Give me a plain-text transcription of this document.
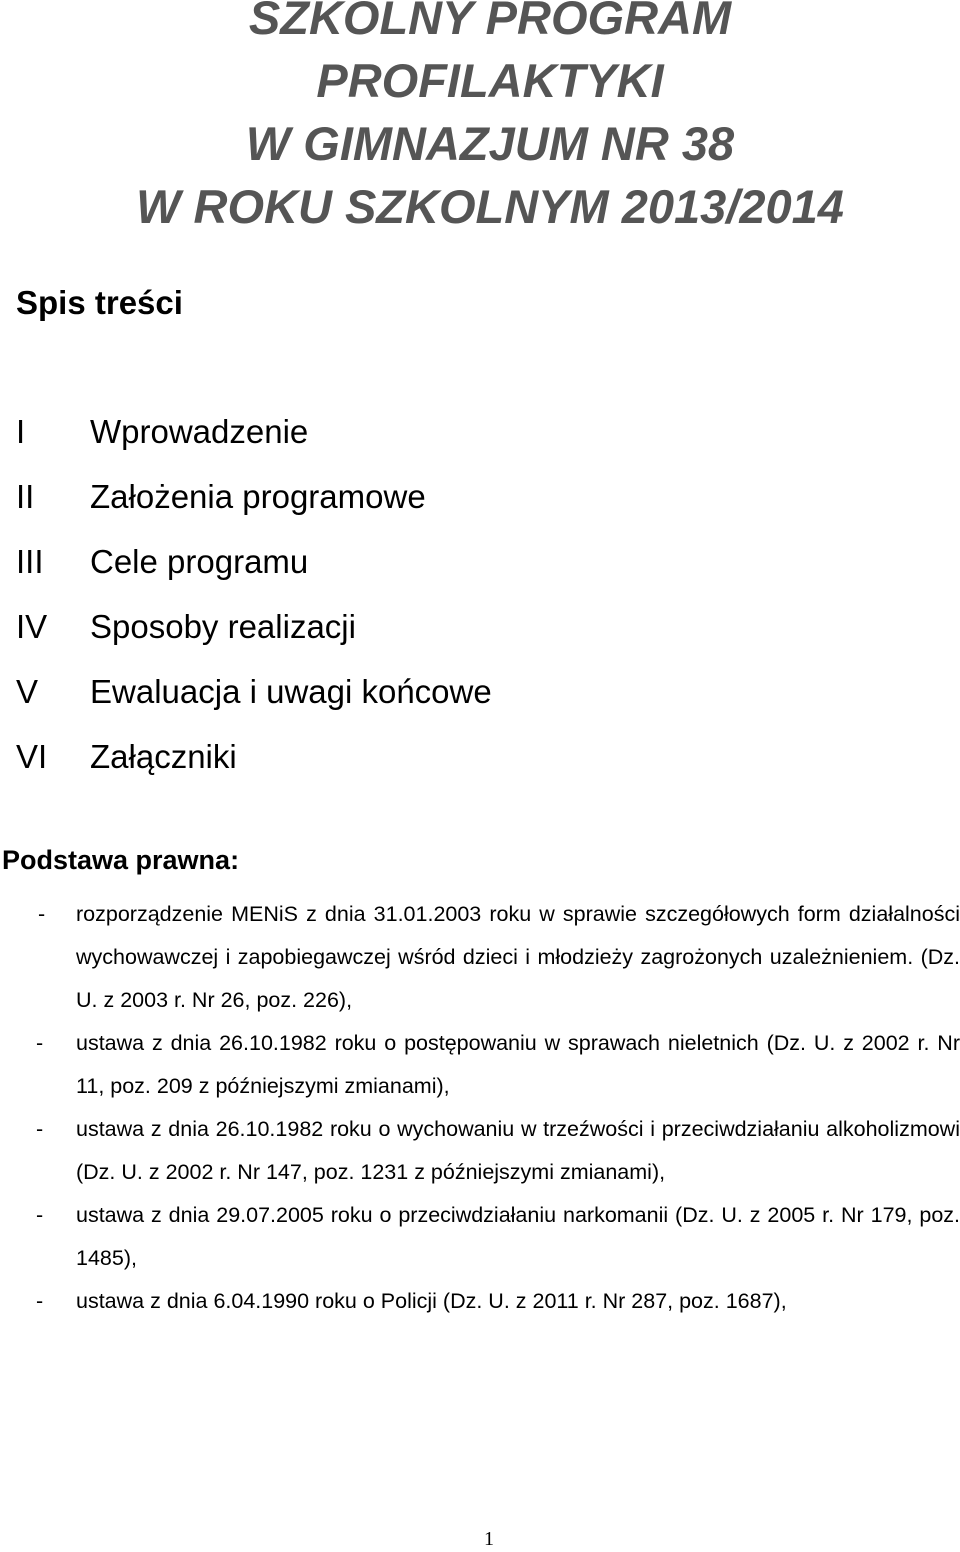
SZKOLNY PROGRAM
PROFILAKTYKI
W GIMNAZJUM NR 38
W ROKU SZKOLNYM 2013/2014
Spis treści
I Wprowadzenie
II Założenia programowe
III Cele programu
IV Sposoby realizacji
V Ewaluacja i uwagi końcowe
VI Załączniki
Podstawa prawna:
- rozporządzenie MENiS z dnia 31.01.2003 roku w sprawie szczegółowych form działalności wychowawczej i zapobiegawczej wśród dzieci i młodzieży zagrożonych uzależnieniem. (Dz. U. z 2003 r. Nr 26, poz. 226),
- ustawa z dnia 26.10.1982 roku o postępowaniu w sprawach nieletnich (Dz. U. z 2002 r. Nr 11, poz. 209 z późniejszymi zmianami),
- ustawa z dnia 26.10.1982 roku o wychowaniu w trzeźwości i przeciwdziałaniu alkoholizmowi (Dz. U. z 2002 r. Nr 147, poz. 1231 z późniejszymi zmianami),
- ustawa z dnia 29.07.2005 roku o przeciwdziałaniu narkomanii (Dz. U. z 2005 r. Nr 179, poz. 1485),
- ustawa z dnia 6.04.1990 roku o Policji (Dz. U. z 2011 r. Nr 287, poz. 1687),
1
